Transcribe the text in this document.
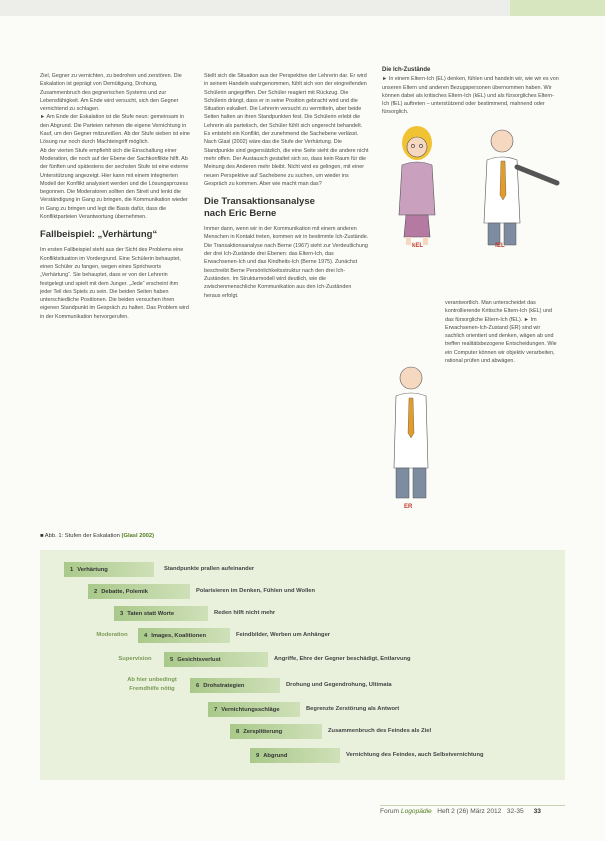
Ziel, Gegner zu vernichten, zu bedrohen und zerstören. Die Eskalation ist geprägt von Demütigung, Drohung, Zusammenbruch des gegnerischen Systems und zur Lebensfähigkeit. Am Ende wird versucht, sich den Gegner vernichtend zu schlagen.

► Am Ende der Eskalation ist die Stufe neun: gemeinsam in den Abgrund. Die Parteien nehmen die eigene Vernichtung in Kauf, um den Gegner mitzureißen. Ab der Stufe sieben ist eine Lösung nur noch durch Machteingriff möglich.

Ab der vierten Stufe empfiehlt sich die Einschaltung einer Moderation, die noch auf der Ebene der Sachkonflikte hilft. Ab der fünften und spätestens der sechsten Stufe ist eine externe Unterstützung angezeigt. Hier kann mit einem integrierten Modell der Konflikt analysiert werden und die Lösungsprozess begonnen. Die Moderatoren sollten den Streit und lenkt die Verständigung in Gang zu bringen, die Kommunikation wieder in Gang zu bringen und legt die Basis dafür, dass die Konfliktparteien Verantwortung übernehmen.

Fallbeispiel: „Verhärtung“

Im ersten Fallbeispiel steht aus der Sicht des Problems eine Konfliktsituation im Vordergrund. Eine Schülerin behauptet, einen Schüler zu fangen, wegen eines Sprichworts „Verhärtung“. Sie behauptet, dass er von der Lehrerin festgelegt und spielt mit dem Junger. „Jede“ erscheint ihm jeder Teil des Spiels zu sein. Die beiden Seiten haben unterschiedliche Positionen. Die beiden versuchen ihren eigenen Standpunkt im Gespräch zu halten. Das Problem wird in der Kommunikation hervorgerufen.

Stellt sich die Situation aus der Perspektive der Lehrerin dar. Er wird in seinem Handeln wahrgenommen, fühlt sich von der eingreifenden Schülerin angegriffen. Der Schüler reagiert mit Rückzug. Die Schülerin drängt, dass er in seine Position gebracht wird und die Situation eskaliert. Die Lehrerin versucht zu vermitteln, aber beide Seiten halten an ihren Standpunkten fest. Die Schülerin erlebt die Lehrerin als parteiisch, der Schüler fühlt sich ungerecht behandelt. Es entsteht ein Konflikt, der zunehmend die Sachebene verlässt.

Nach Glasl (2002) wäre das die Stufe der Verhärtung. Die Standpunkte sind gegensätzlich, die eine Seite sieht die andere nicht mehr offen. Der Austausch gestaltet sich so, dass kein Raum für die Meinung des Anderen mehr bleibt. Nicht wird es gelingen, mit einer neuen Perspektive auf Sachebene zu suchen, um wieder ins Gespräch zu kommen. Aber wie macht man das?

Die Transaktionsanalyse
nach Eric Berne

Immer dann, wenn wir in der Kommunikation mit einem anderen Menschen in Kontakt treten, kommen wir in bestimmte Ich-Zustände. Die Transaktionsanalyse nach Berne (1967) sieht zur Verdeutlichung der drei Ich-Zustände drei Ebenen: das Eltern-Ich, das Erwachsenen-Ich und das Kindheits-Ich (Berne 1975). Zunächst beschreibt Berne Persönlichkeitsstruktur nach den drei Ich-Zuständen. Im Strukturmodell wird deutlich, wie die zwischenmenschliche Kommunikation aus den Ich-Zuständen heraus erfolgt.

Die Ich-Zustände

► In einem Eltern-Ich (EL) denken, fühlen und handeln wir, wie wir es von unseren Eltern und anderen Bezugspersonen übernommen haben. Wir können dabei als kritisches Eltern-Ich (kEL) und als fürsorgliches Eltern-Ich (fEL) auftreten – unterstützend oder bestimmend, mahnend oder fürsorglich.

kEL	fEL
ER
verantwortlich. Man unterscheidet das kontrollierende Kritische Eltern-Ich (kEL) und das fürsorgliche Eltern-Ich (fEL). ► Im Erwachsenen-Ich-Zustand (ER) sind wir sachlich orientiert und denken, wägen ab und treffen realitätsbezogene Entscheidungen. Wie ein Computer können wir objektiv verarbeiten, rational prüfen und abwägen.
■ Abb. 1: Stufen der Eskalation (Glasl 2002)
1 Verhärtung	Standpunkte prallen aufeinander
2 Debatte, Polemik	Polarisieren im Denken, Fühlen und Wollen
3 Taten statt Worte	Reden hilft nicht mehr
Moderation	4 Images, Koalitionen	Feindbilder, Werben um Anhänger
Supervision	5 Gesichtsverlust	Angriffe, Ehre der Gegner beschädigt, Entlarvung
Ab hier unbedingt
Fremdhilfe nötig
6 Drohstrategien	Drohung und Gegendrohung, Ultimata
7 Vernichtungsschläge	Begrenzte Zerstörung als Antwort
8 Zersplitterung	Zusammenbruch des Feindes als Ziel
9 Abgrund	Vernichtung des Feindes, auch Selbstvernichtung
Forum Logopädie Heft 2 (26) März 2012 32-35 33
